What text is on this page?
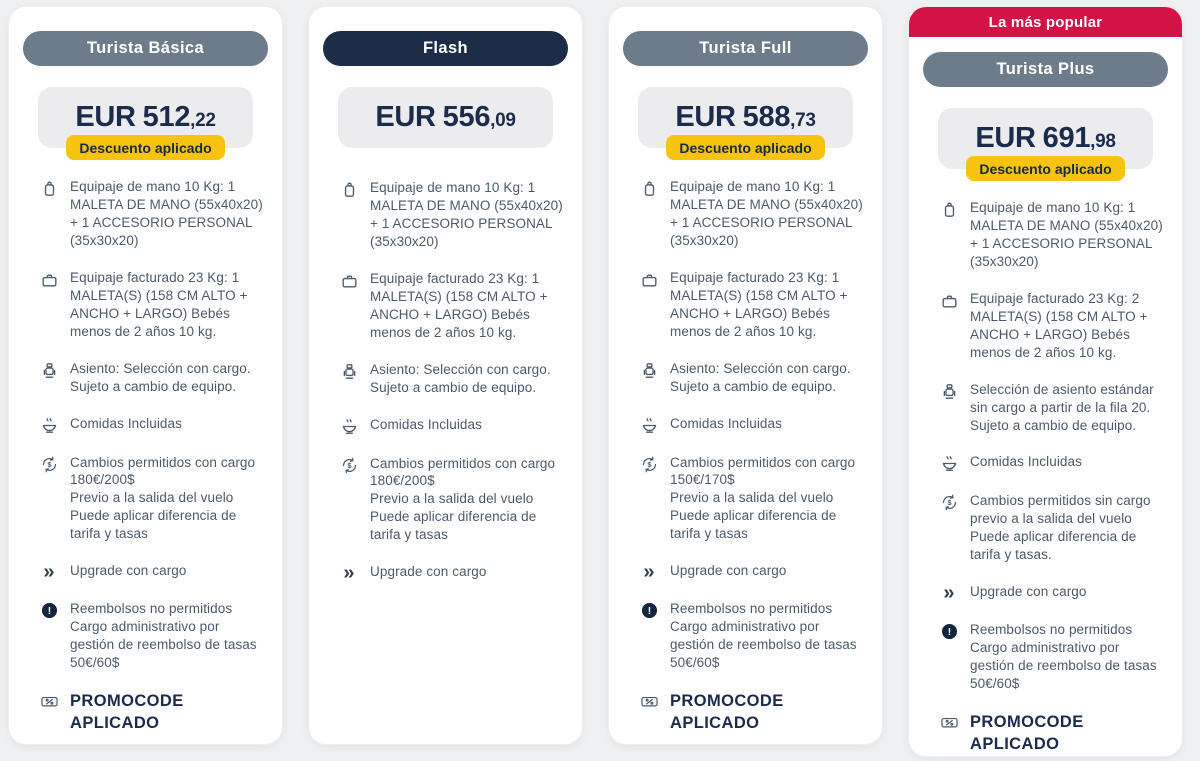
Turista Básica
EUR 512,22
Descuento aplicado
Equipaje de mano 10 Kg: 1 MALETA DE MANO (55x40x20) + 1 ACCESORIO PERSONAL (35x30x20)
Equipaje facturado 23 Kg: 1 MALETA(S) (158 CM ALTO + ANCHO + LARGO) Bebés menos de 2 años 10 kg.
Asiento: Selección con cargo. Sujeto a cambio de equipo.
Comidas Incluidas
$ Cambios permitidos con cargo 180€/200$
Previo a la salida del vuelo
Puede aplicar diferencia de tarifa y tasas
» Upgrade con cargo
! Reembolsos no permitidos
Cargo administrativo por gestión de reembolso de tasas 50€/60$
PROMOCODE APLICADO
Flash
EUR 556,09
Equipaje de mano 10 Kg: 1 MALETA DE MANO (55x40x20) + 1 ACCESORIO PERSONAL (35x30x20)
Equipaje facturado 23 Kg: 1 MALETA(S) (158 CM ALTO + ANCHO + LARGO) Bebés menos de 2 años 10 kg.
Asiento: Selección con cargo. Sujeto a cambio de equipo.
Comidas Incluidas
$ Cambios permitidos con cargo 180€/200$
Previo a la salida del vuelo
Puede aplicar diferencia de tarifa y tasas
» Upgrade con cargo
Turista Full
EUR 588,73
Descuento aplicado
Equipaje de mano 10 Kg: 1 MALETA DE MANO (55x40x20) + 1 ACCESORIO PERSONAL (35x30x20)
Equipaje facturado 23 Kg: 1 MALETA(S) (158 CM ALTO + ANCHO + LARGO) Bebés menos de 2 años 10 kg.
Asiento: Selección con cargo. Sujeto a cambio de equipo.
Comidas Incluidas
$ Cambios permitidos con cargo 150€/170$
Previo a la salida del vuelo
Puede aplicar diferencia de tarifa y tasas
» Upgrade con cargo
! Reembolsos no permitidos
Cargo administrativo por gestión de reembolso de tasas 50€/60$
PROMOCODE APLICADO
La más popular
Turista Plus
EUR 691,98
Descuento aplicado
Equipaje de mano 10 Kg: 1 MALETA DE MANO (55x40x20) + 1 ACCESORIO PERSONAL (35x30x20)
Equipaje facturado 23 Kg: 2 MALETA(S) (158 CM ALTO + ANCHO + LARGO) Bebés menos de 2 años 10 kg.
Selección de asiento estándar sin cargo a partir de la fila 20. Sujeto a cambio de equipo.
Comidas Incluidas
$ Cambios permitidos sin cargo previo a la salida del vuelo
Puede aplicar diferencia de tarifa y tasas.
» Upgrade con cargo
! Reembolsos no permitidos
Cargo administrativo por gestión de reembolso de tasas 50€/60$
PROMOCODE APLICADO
